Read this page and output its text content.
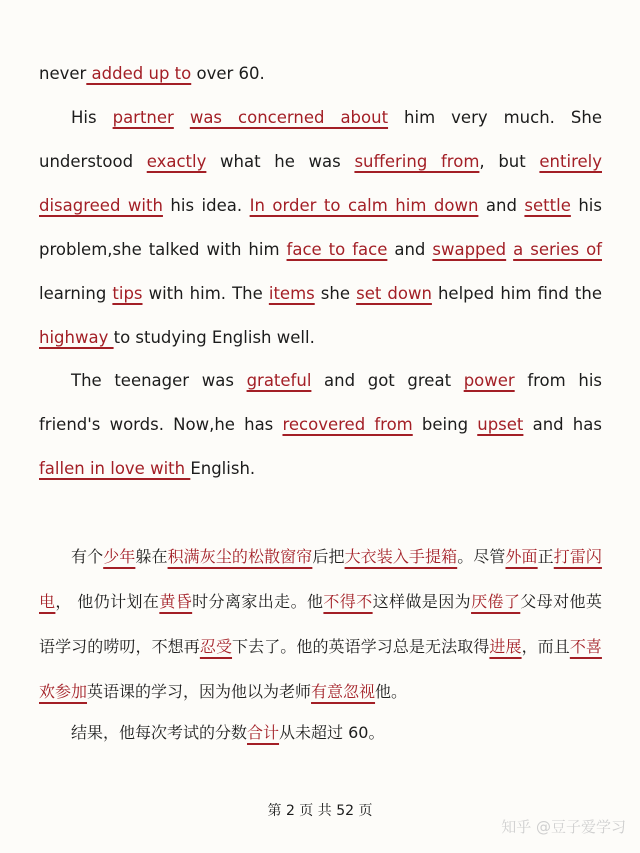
never added up to over 60.

His partner was concerned about him very much. She understood exactly what he was suffering from, but entirely disagreed with his idea. In order to calm him down and settle his problem,she talked with him face to face and swapped a series of learning tips with him. The items she set down helped him find the highway to studying English well.

The teenager was grateful and got great power from his friend's words. Now,he has recovered from being upset and has fallen in love with English.

有个少年躲在积满灰尘的松散窗帘后把大衣装入手提箱。尽管外面正打雷闪电， 他仍计划在黄昏时分离家出走。他不得不这样做是因为厌倦了父母对他英语学习的唠叨，不想再忍受下去了。他的英语学习总是无法取得进展，而且不喜欢参加英语课的学习，因为他以为老师有意忽视他。

结果，他每次考试的分数合计从未超过 60。

第 2 页 共 52 页
知乎 @豆子爱学习
